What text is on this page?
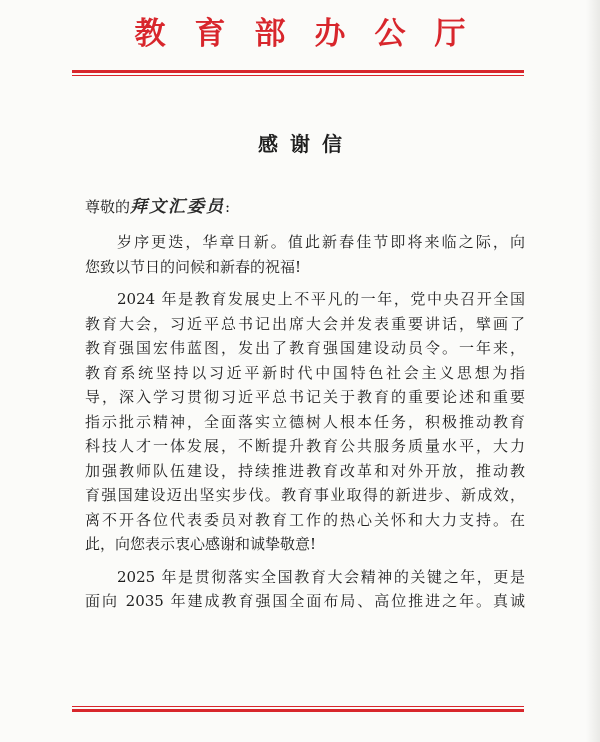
教育部办公厅
感谢信
尊敬的拜文汇委员:
岁序更迭，华章日新。值此新春佳节即将来临之际，向
您致以节日的问候和新春的祝福!
2024 年是教育发展史上不平凡的一年，党中央召开全国
教育大会，习近平总书记出席大会并发表重要讲话，擘画了
教育强国宏伟蓝图，发出了教育强国建设动员令。一年来，
教育系统坚持以习近平新时代中国特色社会主义思想为指
导，深入学习贯彻习近平总书记关于教育的重要论述和重要
指示批示精神，全面落实立德树人根本任务，积极推动教育
科技人才一体发展，不断提升教育公共服务质量水平，大力
加强教师队伍建设，持续推进教育改革和对外开放，推动教
育强国建设迈出坚实步伐。教育事业取得的新进步、新成效，
离不开各位代表委员对教育工作的热心关怀和大力支持。在
此，向您表示衷心感谢和诚挚敬意!
2025 年是贯彻落实全国教育大会精神的关键之年，更是
面向 2035 年建成教育强国全面布局、高位推进之年。真诚
